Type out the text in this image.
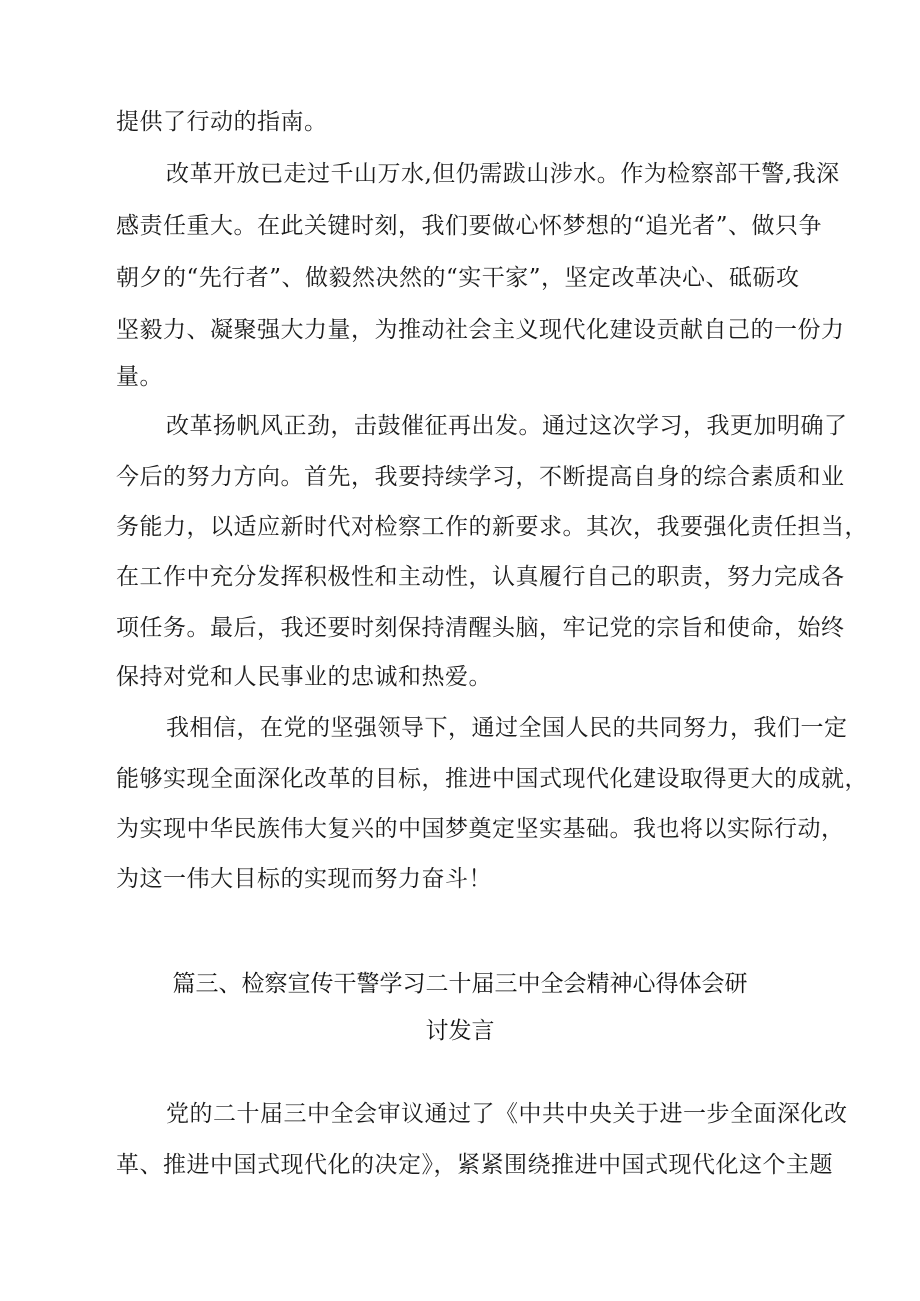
提供了行动的指南。
改革开放已走过千山万水,但仍需跋山涉水。作为检察部干警,我深
感责任重大。在此关键时刻，我们要做心怀梦想的“追光者”、做只争
朝夕的“先行者”、做毅然决然的“实干家”，坚定改革决心、砥砺攻
坚毅力、凝聚强大力量，为推动社会主义现代化建设贡献自己的一份力
量。
改革扬帆风正劲，击鼓催征再出发。通过这次学习，我更加明确了
今后的努力方向。首先，我要持续学习，不断提高自身的综合素质和业
务能力，以适应新时代对检察工作的新要求。其次，我要强化责任担当，
在工作中充分发挥积极性和主动性，认真履行自己的职责，努力完成各
项任务。最后，我还要时刻保持清醒头脑，牢记党的宗旨和使命，始终
保持对党和人民事业的忠诚和热爱。
我相信，在党的坚强领导下，通过全国人民的共同努力，我们一定
能够实现全面深化改革的目标，推进中国式现代化建设取得更大的成就，
为实现中华民族伟大复兴的中国梦奠定坚实基础。我也将以实际行动，
为这一伟大目标的实现而努力奋斗！
篇三、检察宣传干警学习二十届三中全会精神心得体会研
讨发言
党的二十届三中全会审议通过了《中共中央关于进一步全面深化改
革、推进中国式现代化的决定》，紧紧围绕推进中国式现代化这个主题
